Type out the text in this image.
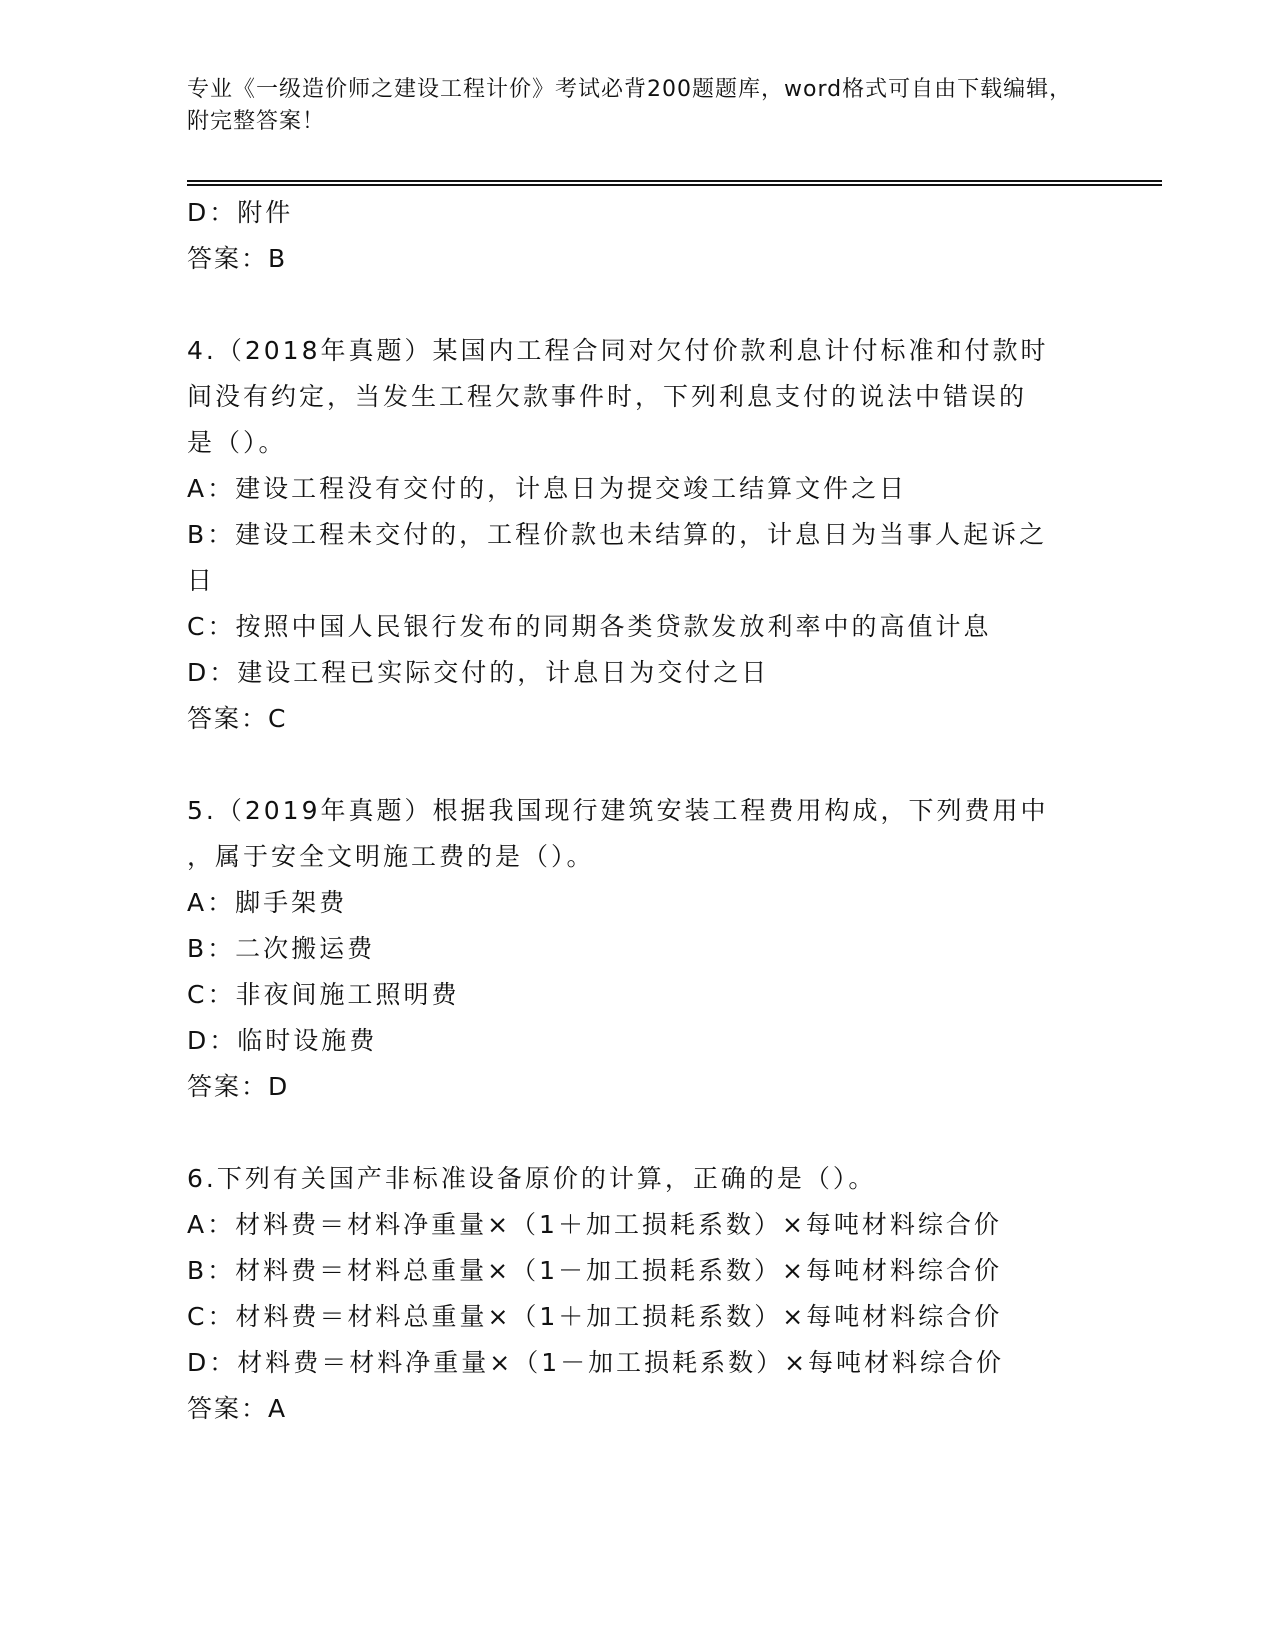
专业《一级造价师之建设工程计价》考试必背200题题库，word格式可自由下载编辑，附完整答案！

D：附件
答案：B
4.（2018年真题）某国内工程合同对欠付价款利息计付标准和付款时
间没有约定，当发生工程欠款事件时，下列利息支付的说法中错误的
是（）。
A：建设工程没有交付的，计息日为提交竣工结算文件之日
B：建设工程未交付的，工程价款也未结算的，计息日为当事人起诉之
日
C：按照中国人民银行发布的同期各类贷款发放利率中的高值计息
D：建设工程已实际交付的，计息日为交付之日
答案：C
5.（2019年真题）根据我国现行建筑安装工程费用构成，下列费用中
，属于安全文明施工费的是（）。
A：脚手架费
B：二次搬运费
C：非夜间施工照明费
D：临时设施费
答案：D
6.下列有关国产非标准设备原价的计算，正确的是（）。
A：材料费＝材料净重量×（1＋加工损耗系数）×每吨材料综合价
B：材料费＝材料总重量×（1－加工损耗系数）×每吨材料综合价
C：材料费＝材料总重量×（1＋加工损耗系数）×每吨材料综合价
D：材料费＝材料净重量×（1－加工损耗系数）×每吨材料综合价
答案：A
